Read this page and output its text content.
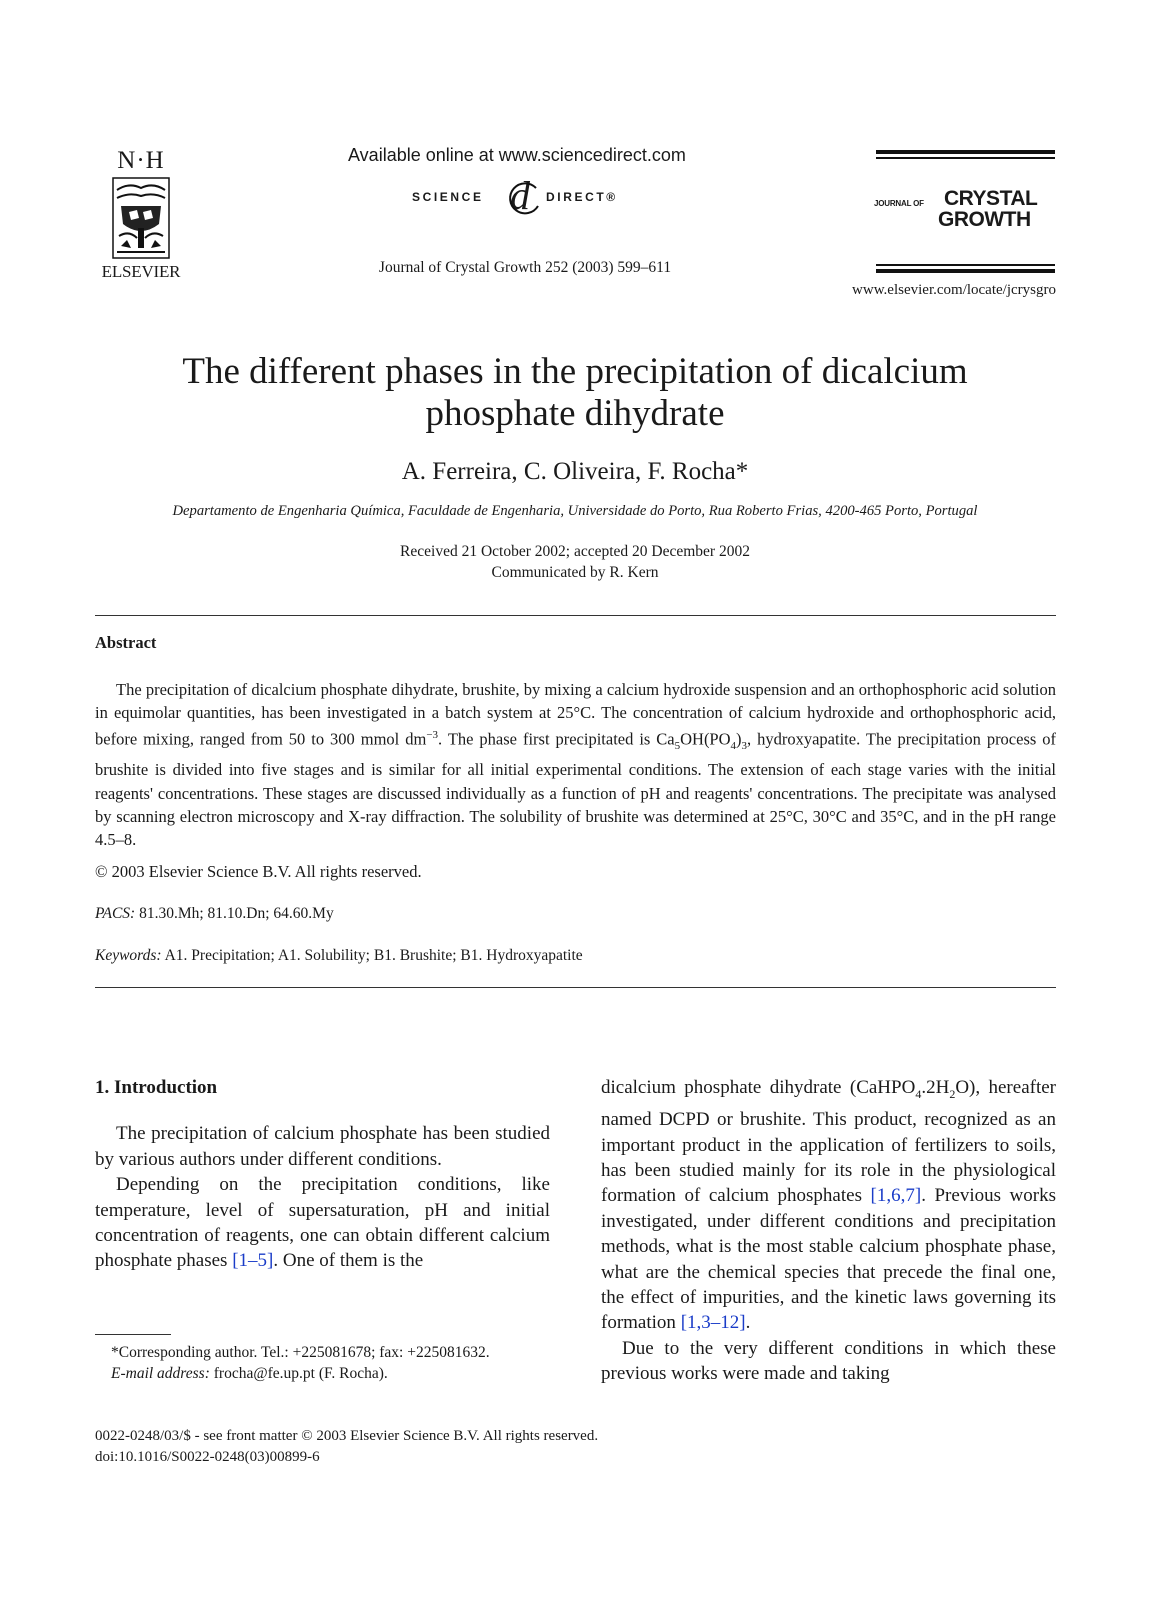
N·H
ELSEVIER
Available online at www.sciencedirect.com
SCIENCE d DIRECT®
Journal of Crystal Growth 252 (2003) 599–611
JOURNAL OF CRYSTAL
GROWTH
www.elsevier.com/locate/jcrysgro
The different phases in the precipitation of dicalcium
phosphate dihydrate
A. Ferreira, C. Oliveira, F. Rocha*
Departamento de Engenharia Química, Faculdade de Engenharia, Universidade do Porto, Rua Roberto Frias, 4200-465 Porto, Portugal
Received 21 October 2002; accepted 20 December 2002
Communicated by R. Kern
Abstract
The precipitation of dicalcium phosphate dihydrate, brushite, by mixing a calcium hydroxide suspension and an orthophosphoric acid solution in equimolar quantities, has been investigated in a batch system at 25°C. The concentration of calcium hydroxide and orthophosphoric acid, before mixing, ranged from 50 to 300 mmol $dm^{-3}$. The phase first precipitated is $Ca_5OH(PO_4)_3$, hydroxyapatite. The precipitation process of brushite is divided into five stages and is similar for all initial experimental conditions. The extension of each stage varies with the initial reagents' concentrations. These stages are discussed individually as a function of pH and reagents' concentrations. The precipitate was analysed by scanning electron microscopy and X-ray diffraction. The solubility of brushite was determined at 25°C, 30°C and 35°C, and in the pH range 4.5–8.
© 2003 Elsevier Science B.V. All rights reserved.
PACS: 81.30.Mh; 81.10.Dn; 64.60.My
Keywords: A1. Precipitation; A1. Solubility; B1. Brushite; B1. Hydroxyapatite
1. Introduction

The precipitation of calcium phosphate has been studied by various authors under different conditions.

Depending on the precipitation conditions, like temperature, level of supersaturation, pH and initial concentration of reagents, one can obtain different calcium phosphate phases [1–5]. One of them is the

dicalcium phosphate dihydrate $(CaHPO_4.2H_2O)$, hereafter named DCPD or brushite. This product, recognized as an important product in the application of fertilizers to soils, has been studied mainly for its role in the physiological formation of calcium phosphates [1,6,7]. Previous works investigated, under different conditions and precipitation methods, what is the most stable calcium phosphate phase, what are the chemical species that precede the final one, the effect of impurities, and the kinetic laws governing its formation [1,3–12].

Due to the very different conditions in which these previous works were made and taking

*Corresponding author. Tel.: +225081678; fax: +225081632.
E-mail address: frocha@fe.up.pt (F. Rocha).
0022-0248/03/$ - see front matter © 2003 Elsevier Science B.V. All rights reserved.
doi:10.1016/S0022-0248(03)00899-6
